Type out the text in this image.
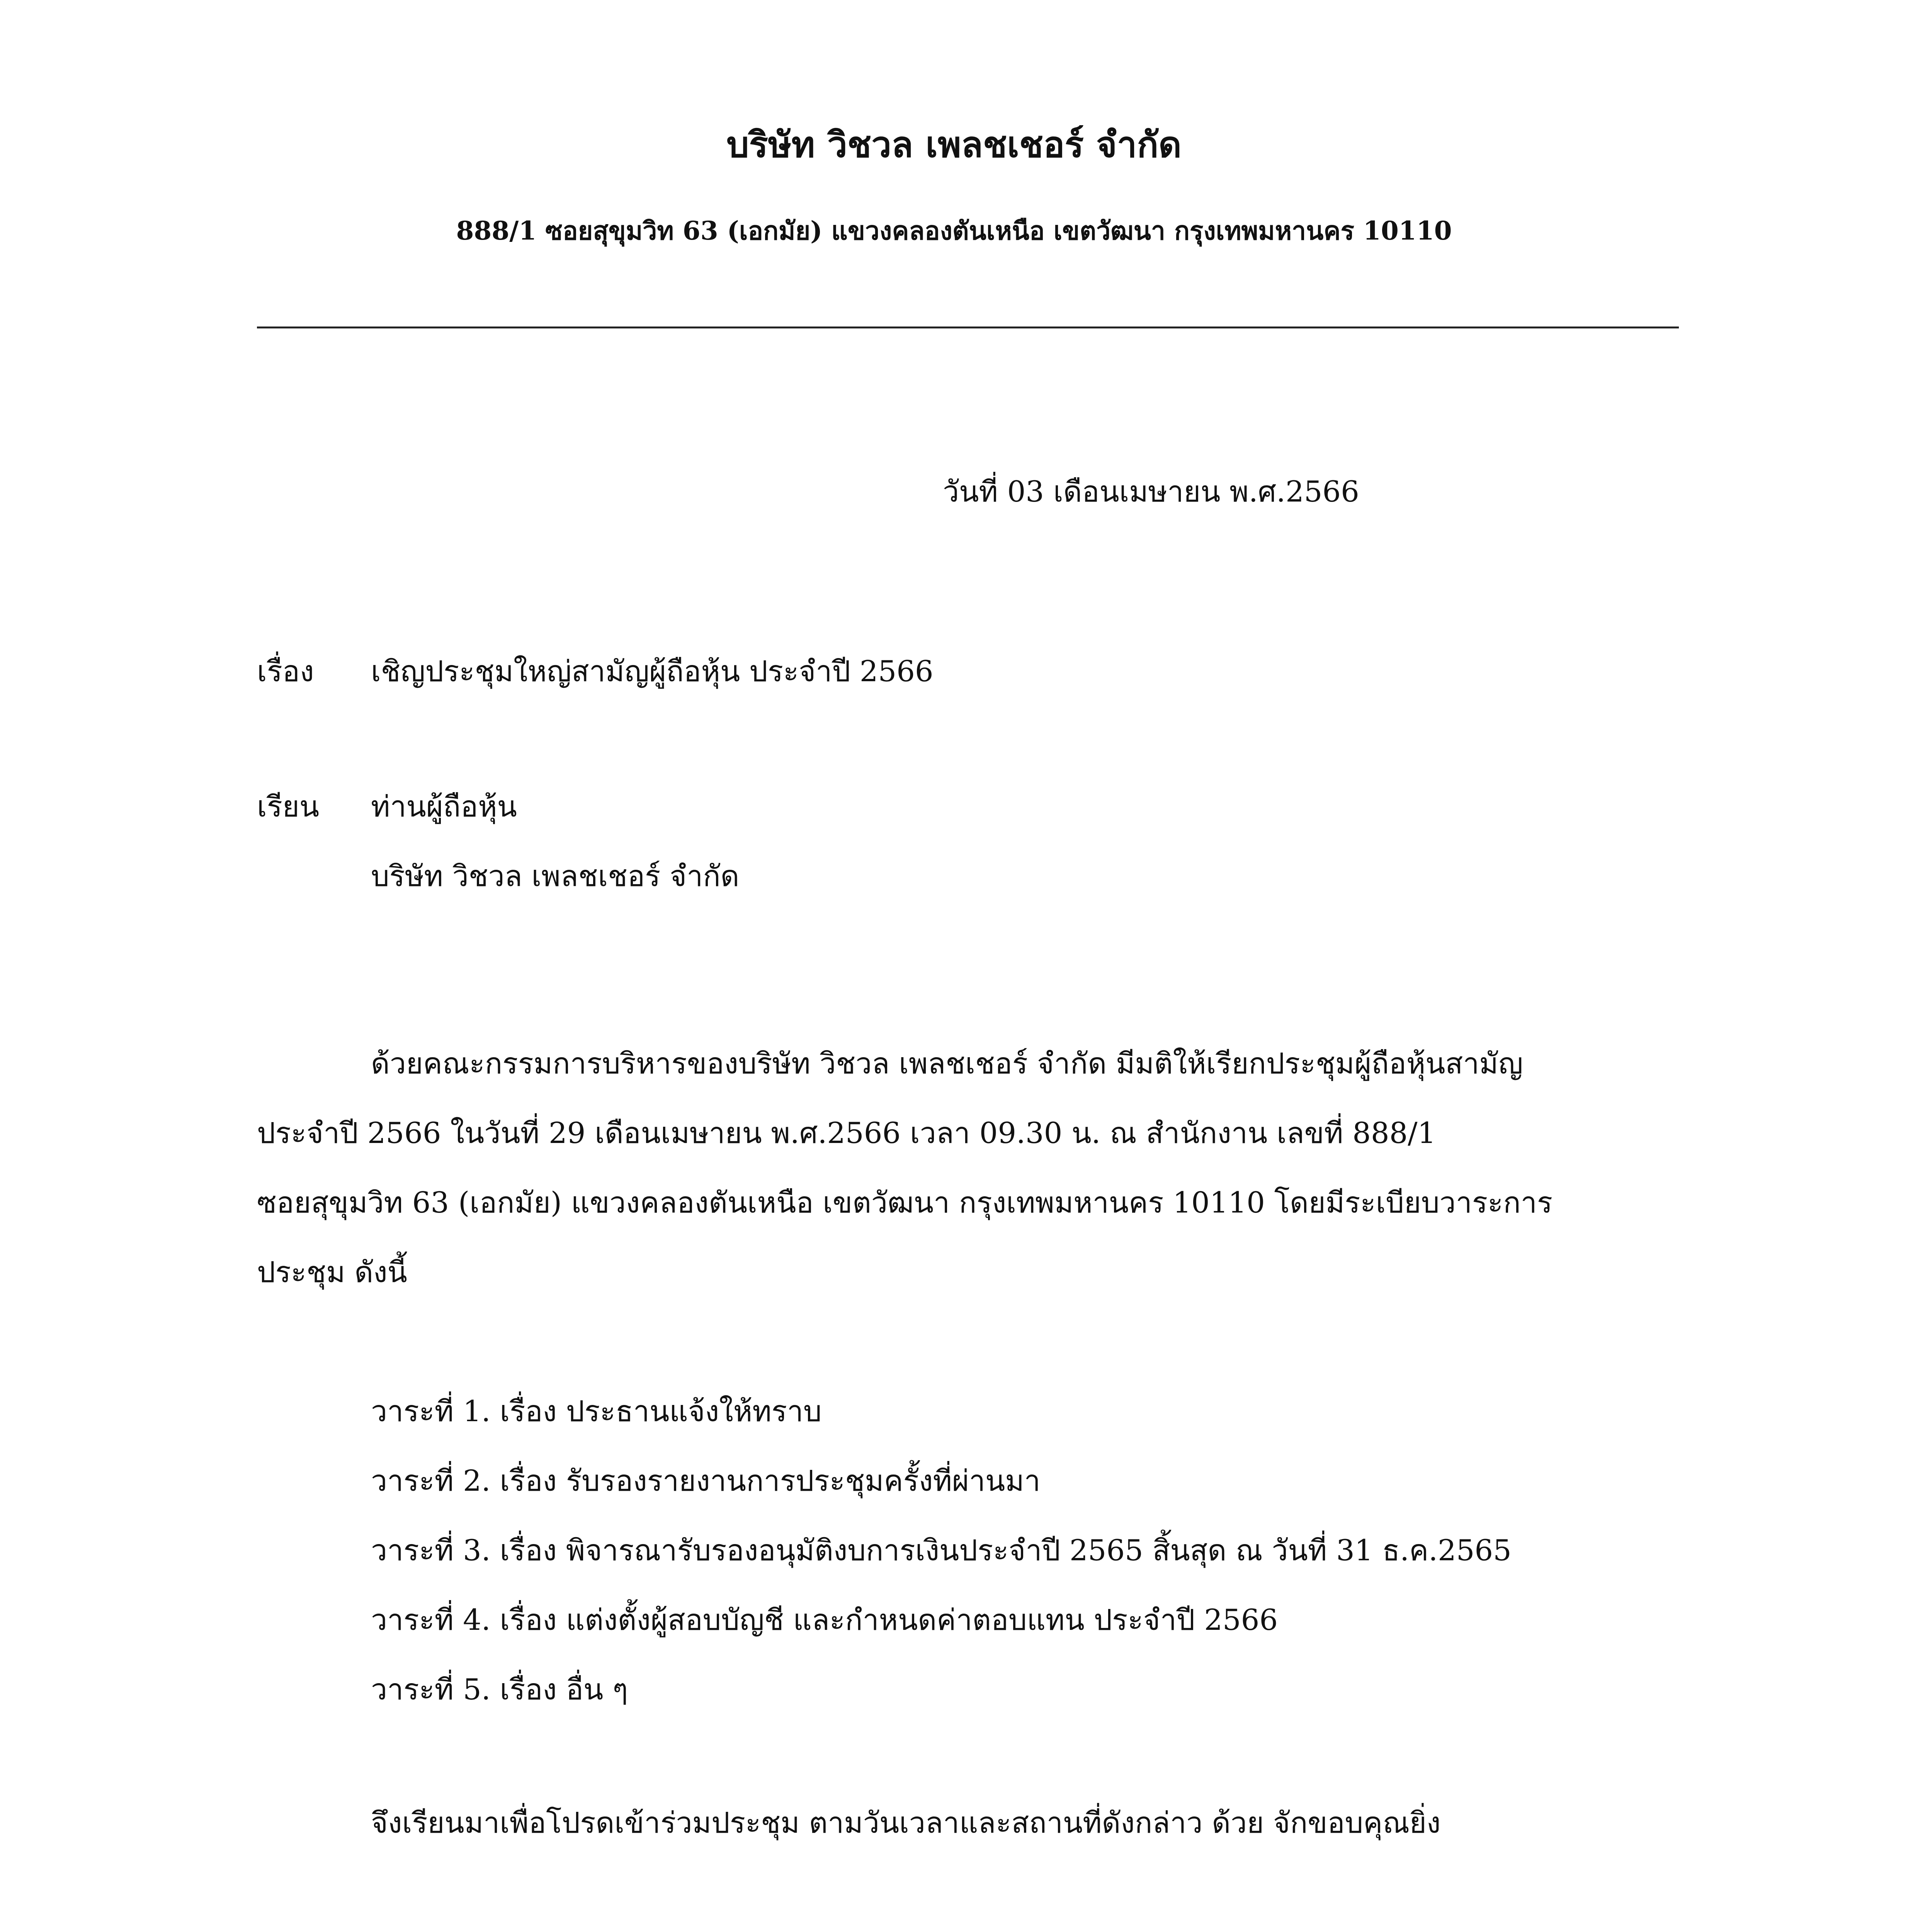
บริษัท วิชวล เพลชเชอร์ จำกัด
888/1 ซอยสุขุมวิท 63 (เอกมัย) แขวงคลองตันเหนือ เขตวัฒนา กรุงเทพมหานคร 10110
วันที่ 03 เดือนเมษายน พ.ศ.2566
เรื่อง เชิญประชุมใหญ่สามัญผู้ถือหุ้น ประจำปี 2566
เรียน ท่านผู้ถือหุ้น
บริษัท วิชวล เพลชเชอร์ จำกัด
ด้วยคณะกรรมการบริหารของบริษัท วิชวล เพลชเชอร์ จำกัด มีมติให้เรียกประชุมผู้ถือหุ้นสามัญ
ประจำปี 2566 ในวันที่ 29 เดือนเมษายน พ.ศ.2566 เวลา 09.30 น. ณ สำนักงาน เลขที่ 888/1
ซอยสุขุมวิท 63 (เอกมัย) แขวงคลองตันเหนือ เขตวัฒนา กรุงเทพมหานคร 10110 โดยมีระเบียบวาระการ
ประชุม ดังนี้
วาระที่ 1. เรื่อง ประธานแจ้งให้ทราบ
วาระที่ 2. เรื่อง รับรองรายงานการประชุมครั้งที่ผ่านมา
วาระที่ 3. เรื่อง พิจารณารับรองอนุมัติงบการเงินประจำปี 2565 สิ้นสุด ณ วันที่ 31 ธ.ค.2565
วาระที่ 4. เรื่อง แต่งตั้งผู้สอบบัญชี และกำหนดค่าตอบแทน ประจำปี 2566
วาระที่ 5. เรื่อง อื่น ๆ
จึงเรียนมาเพื่อโปรดเข้าร่วมประชุม ตามวันเวลาและสถานที่ดังกล่าว ด้วย จักขอบคุณยิ่ง
